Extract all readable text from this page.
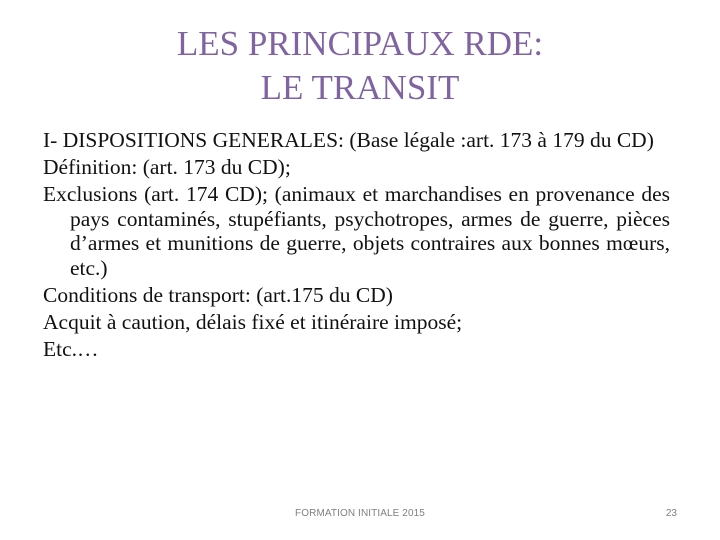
LES PRINCIPAUX RDE:
LE TRANSIT

I- DISPOSITIONS GENERALES: (Base légale :art. 173 à 179 du CD)

Définition: (art. 173 du CD);

Exclusions (art. 174 CD); (animaux et marchandises en provenance des pays contaminés, stupéfiants, psychotropes, armes de guerre, pièces d’armes et munitions de guerre, objets contraires aux bonnes mœurs, etc.)

Conditions de transport: (art.175 du CD)

Acquit à caution, délais fixé et itinéraire imposé;

Etc.…

FORMATION INITIALE 2015	23
